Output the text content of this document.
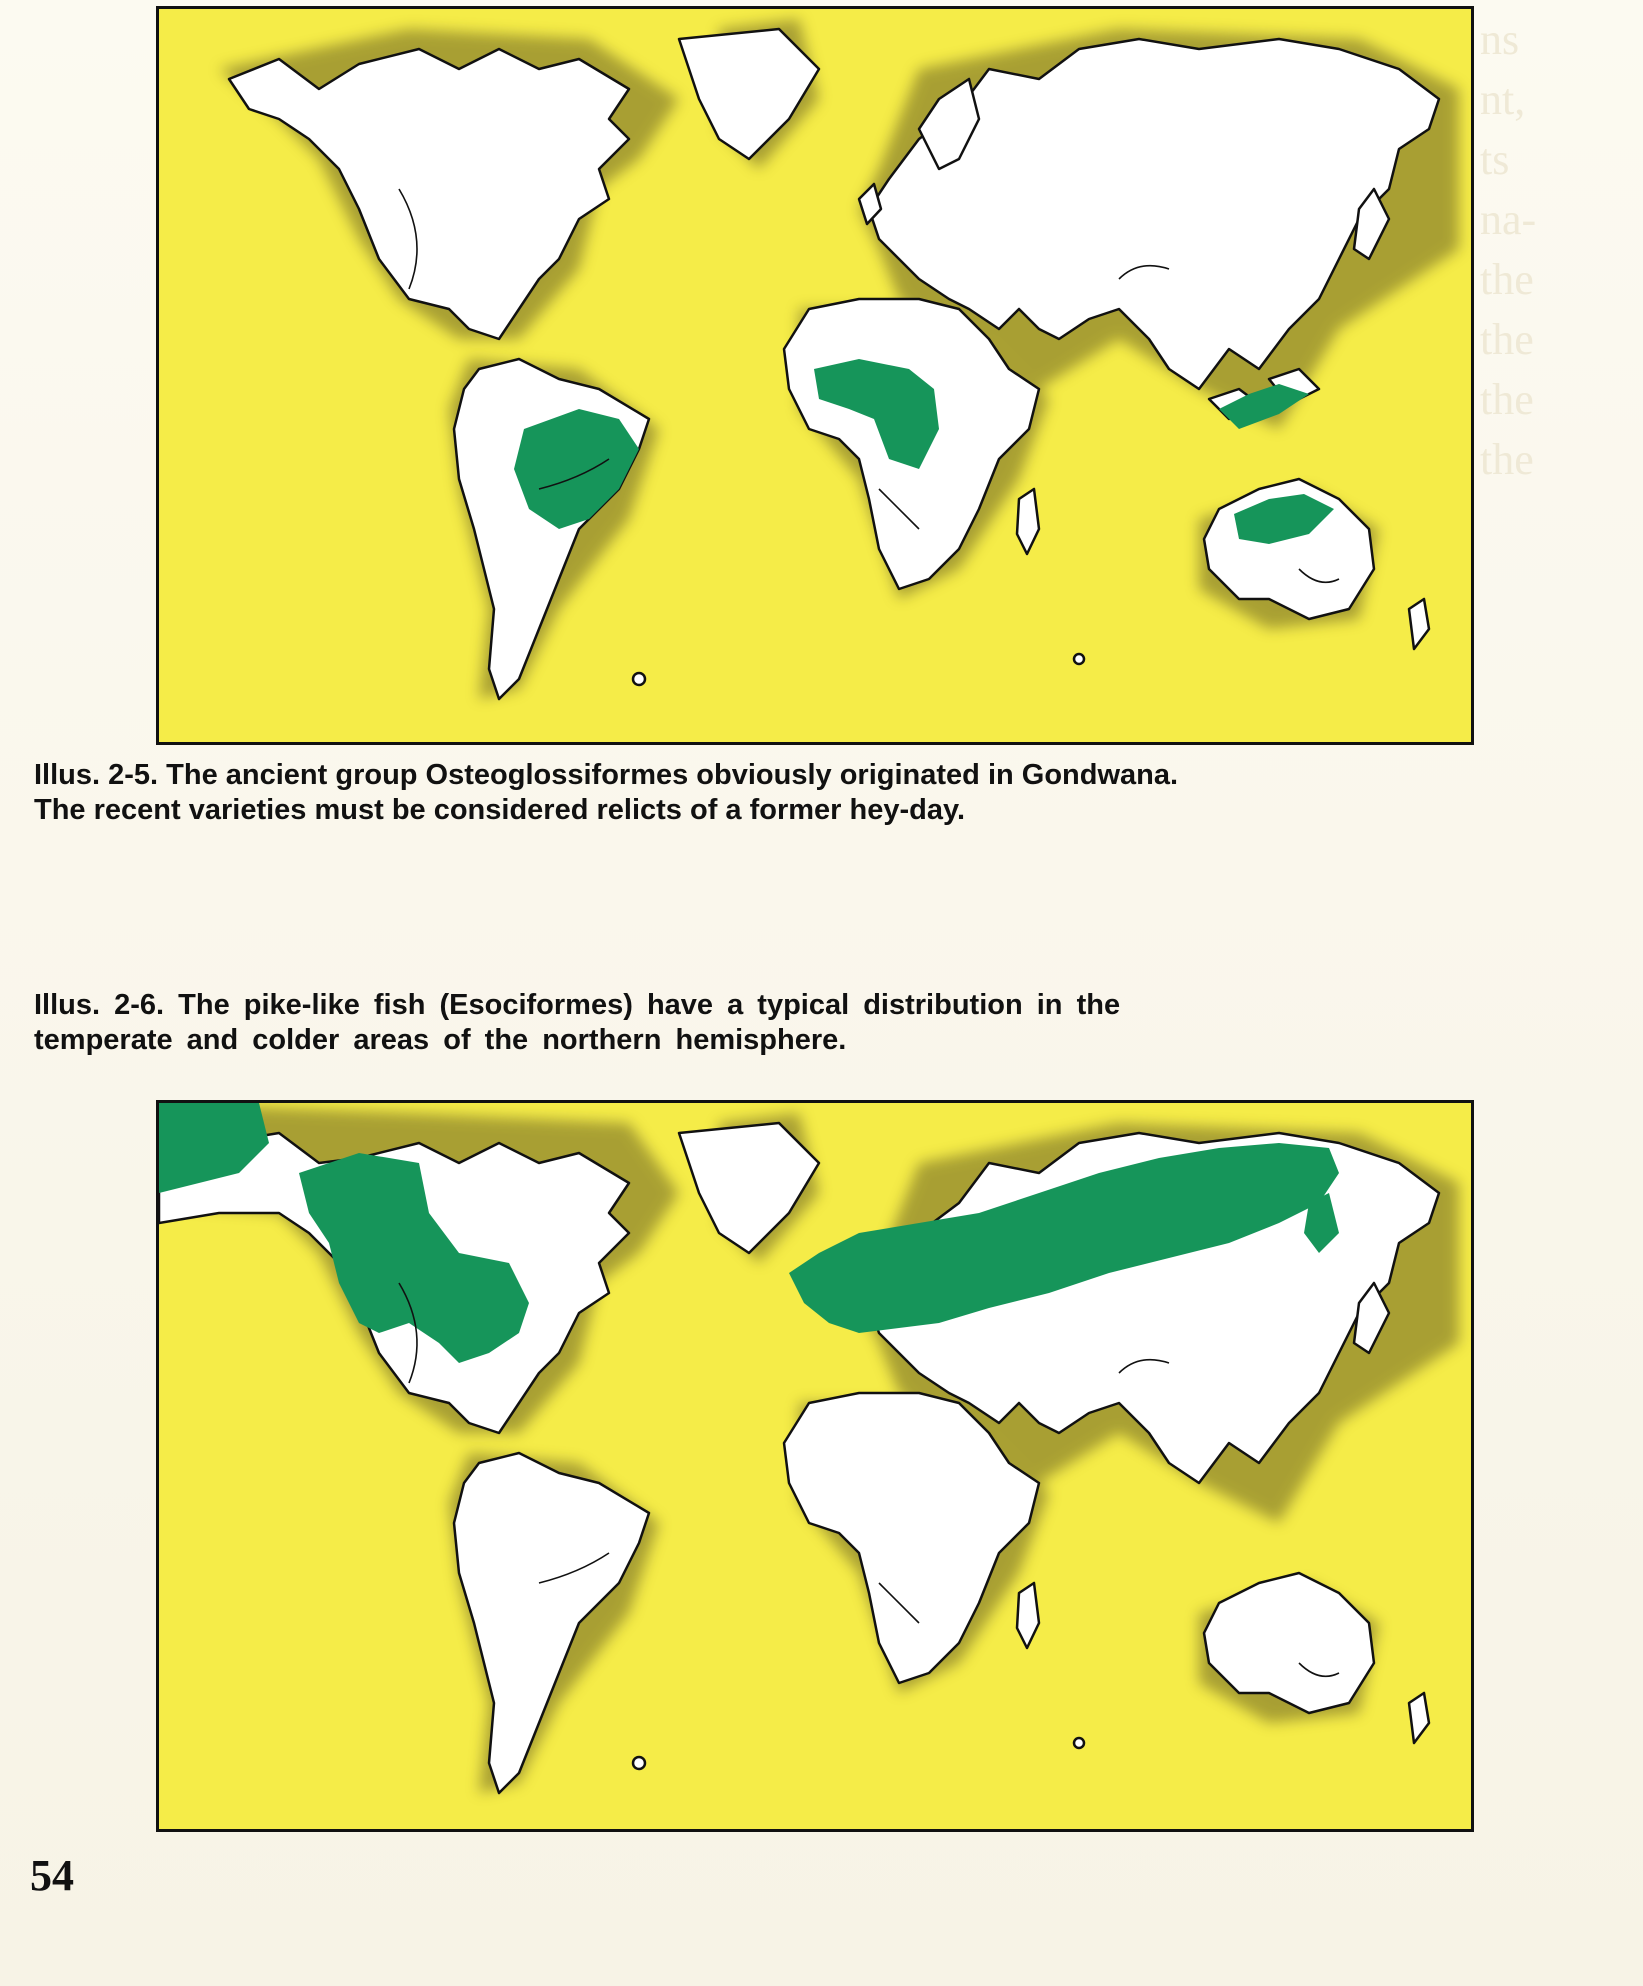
ns
nt,
ts
na-
the
the
the
the

Illus. 2-5. The ancient group Osteoglossiformes obviously originated in Gondwana.
The recent varieties must be considered relicts of a former hey-day.

Illus. 2-6. The pike-like fish (Esociformes) have a typical distribution in the
temperate and colder areas of the northern hemisphere.

54
